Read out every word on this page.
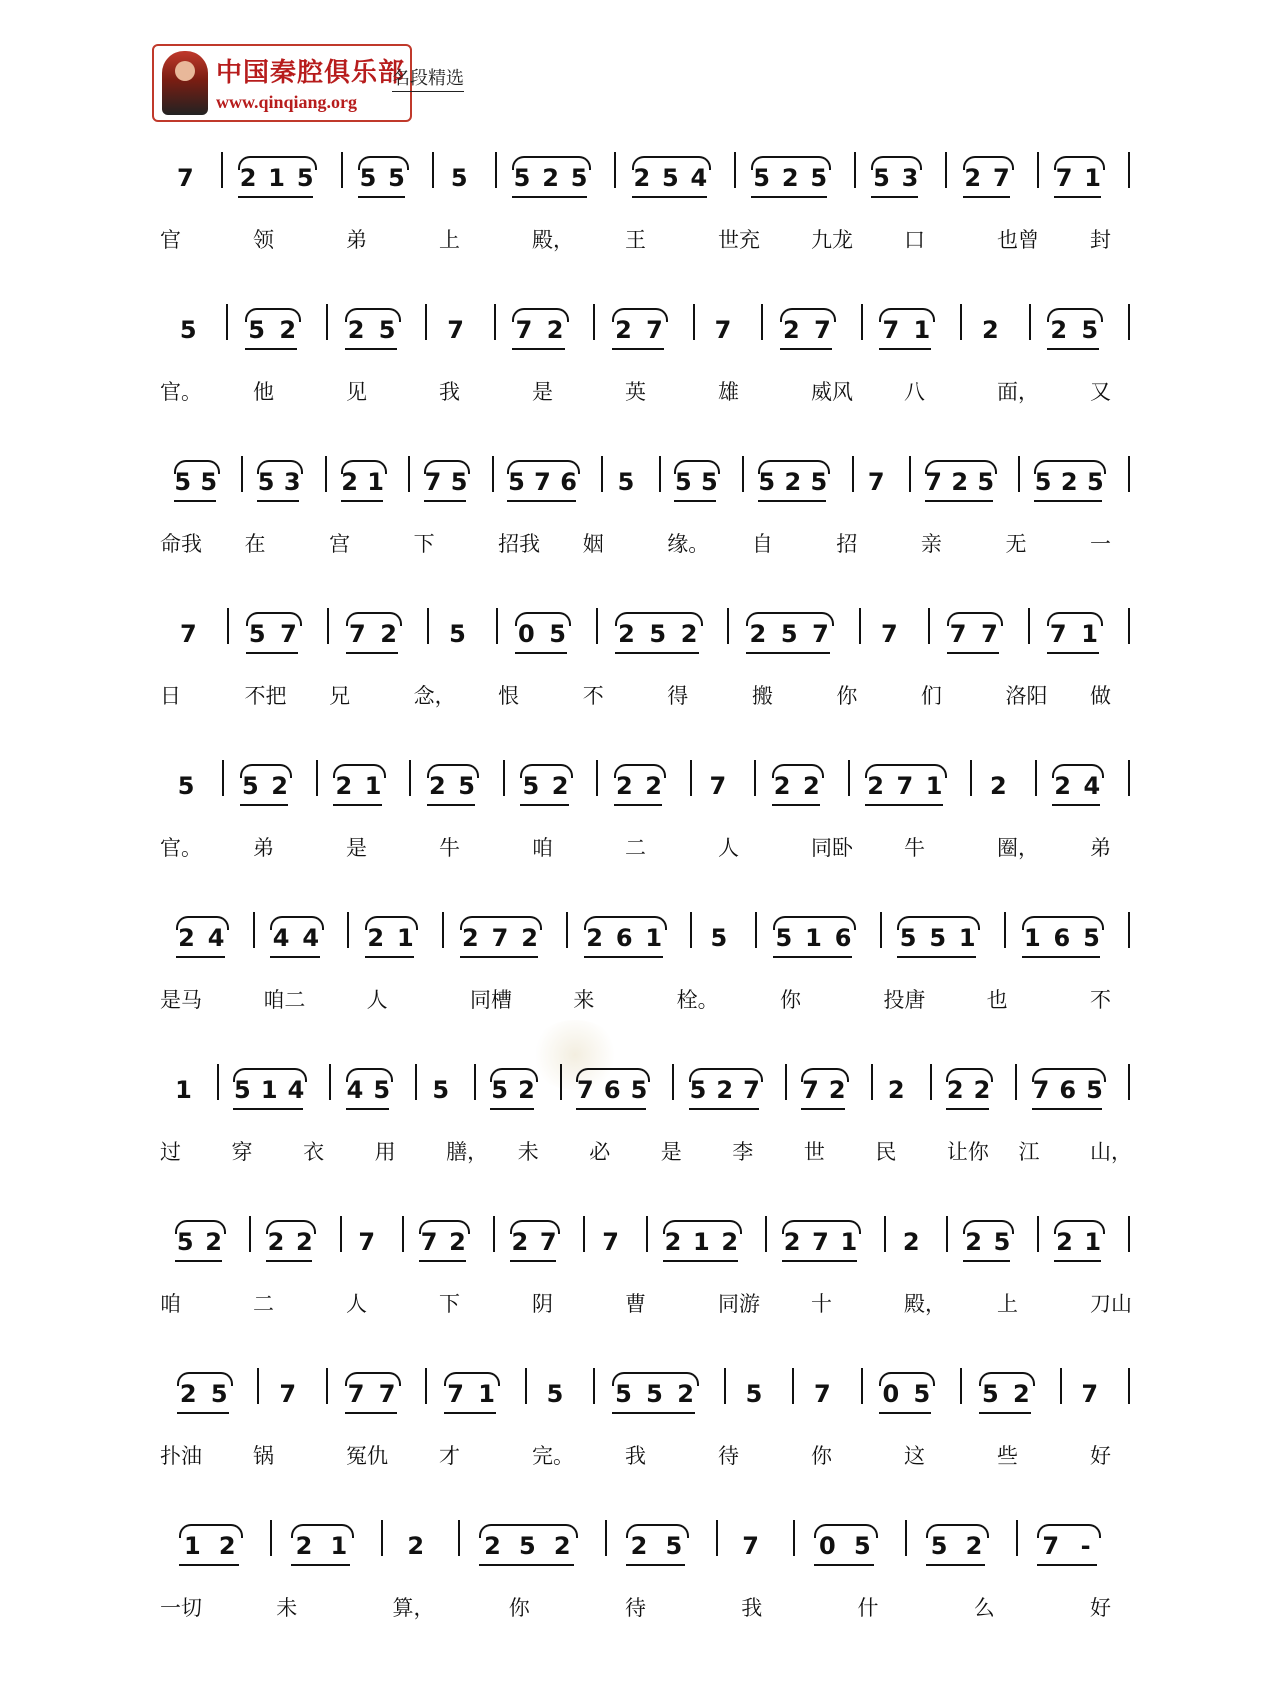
中国秦腔俱乐部
www.qinqiang.org
名段精选
7 2 1 5 5 5 5 5 2 5 2 5 4 5 2 5 5 3 2 7 7 1
官	领	弟	上	殿， 王	世充 九龙 口	也曾 封
5 5 2 2 5 7 7 2 2 7 7 2 7 7 1 2 2 5
官。 他	见	我	是	英	雄	威风 八	面， 又
5 5 5 3 2 1 7 5 5 7 6 5 5 5 5 2 5 7 7 2 5 5 2 5
命我 在	宫	下	招我 姻	缘。 自	招	亲	无	一
7 5 7 7 2 5 0 5 2 5 2 2 5 7 7 7 7 7 1
日	不把 兄	念， 恨	不	得	搬	你	们	洛阳 做
5 5 2 2 1 2 5 5 2 2 2 7 2 2 2 7 1 2 2 4
官。 弟	是	牛	咱	二	人	同卧 牛	圈， 弟
2 4 4 4 2 1 2 7 2 2 6 1 5 5 1 6 5 5 1 1 6 5
是马	咱二	人	同槽	来	栓。	你	投唐	也	不
1 5 1 4 4 5 5 5 2 7 6 5 5 2 7 7 2 2 2 2 7 6 5
过 穿 衣 用 膳， 未 必 是 李 世 民 让你 江 山，
5 2 2 2 7 7 2 2 7 7 2 1 2 2 7 1 2 2 5 2 1
咱	二	人	下	阴	曹	同游 十	殿， 上	刀山
2 5 7 7 7 7 1 5 5 5 2 5 7 0 5 5 2 7
扑油 锅	冤仇 才	完。 我	待	你	这	些	好
1 2	2 1	2	2 5 2	2 5	7	0 5	5 2	7 -
一切	未	算，	你	待	我	什	么	好
